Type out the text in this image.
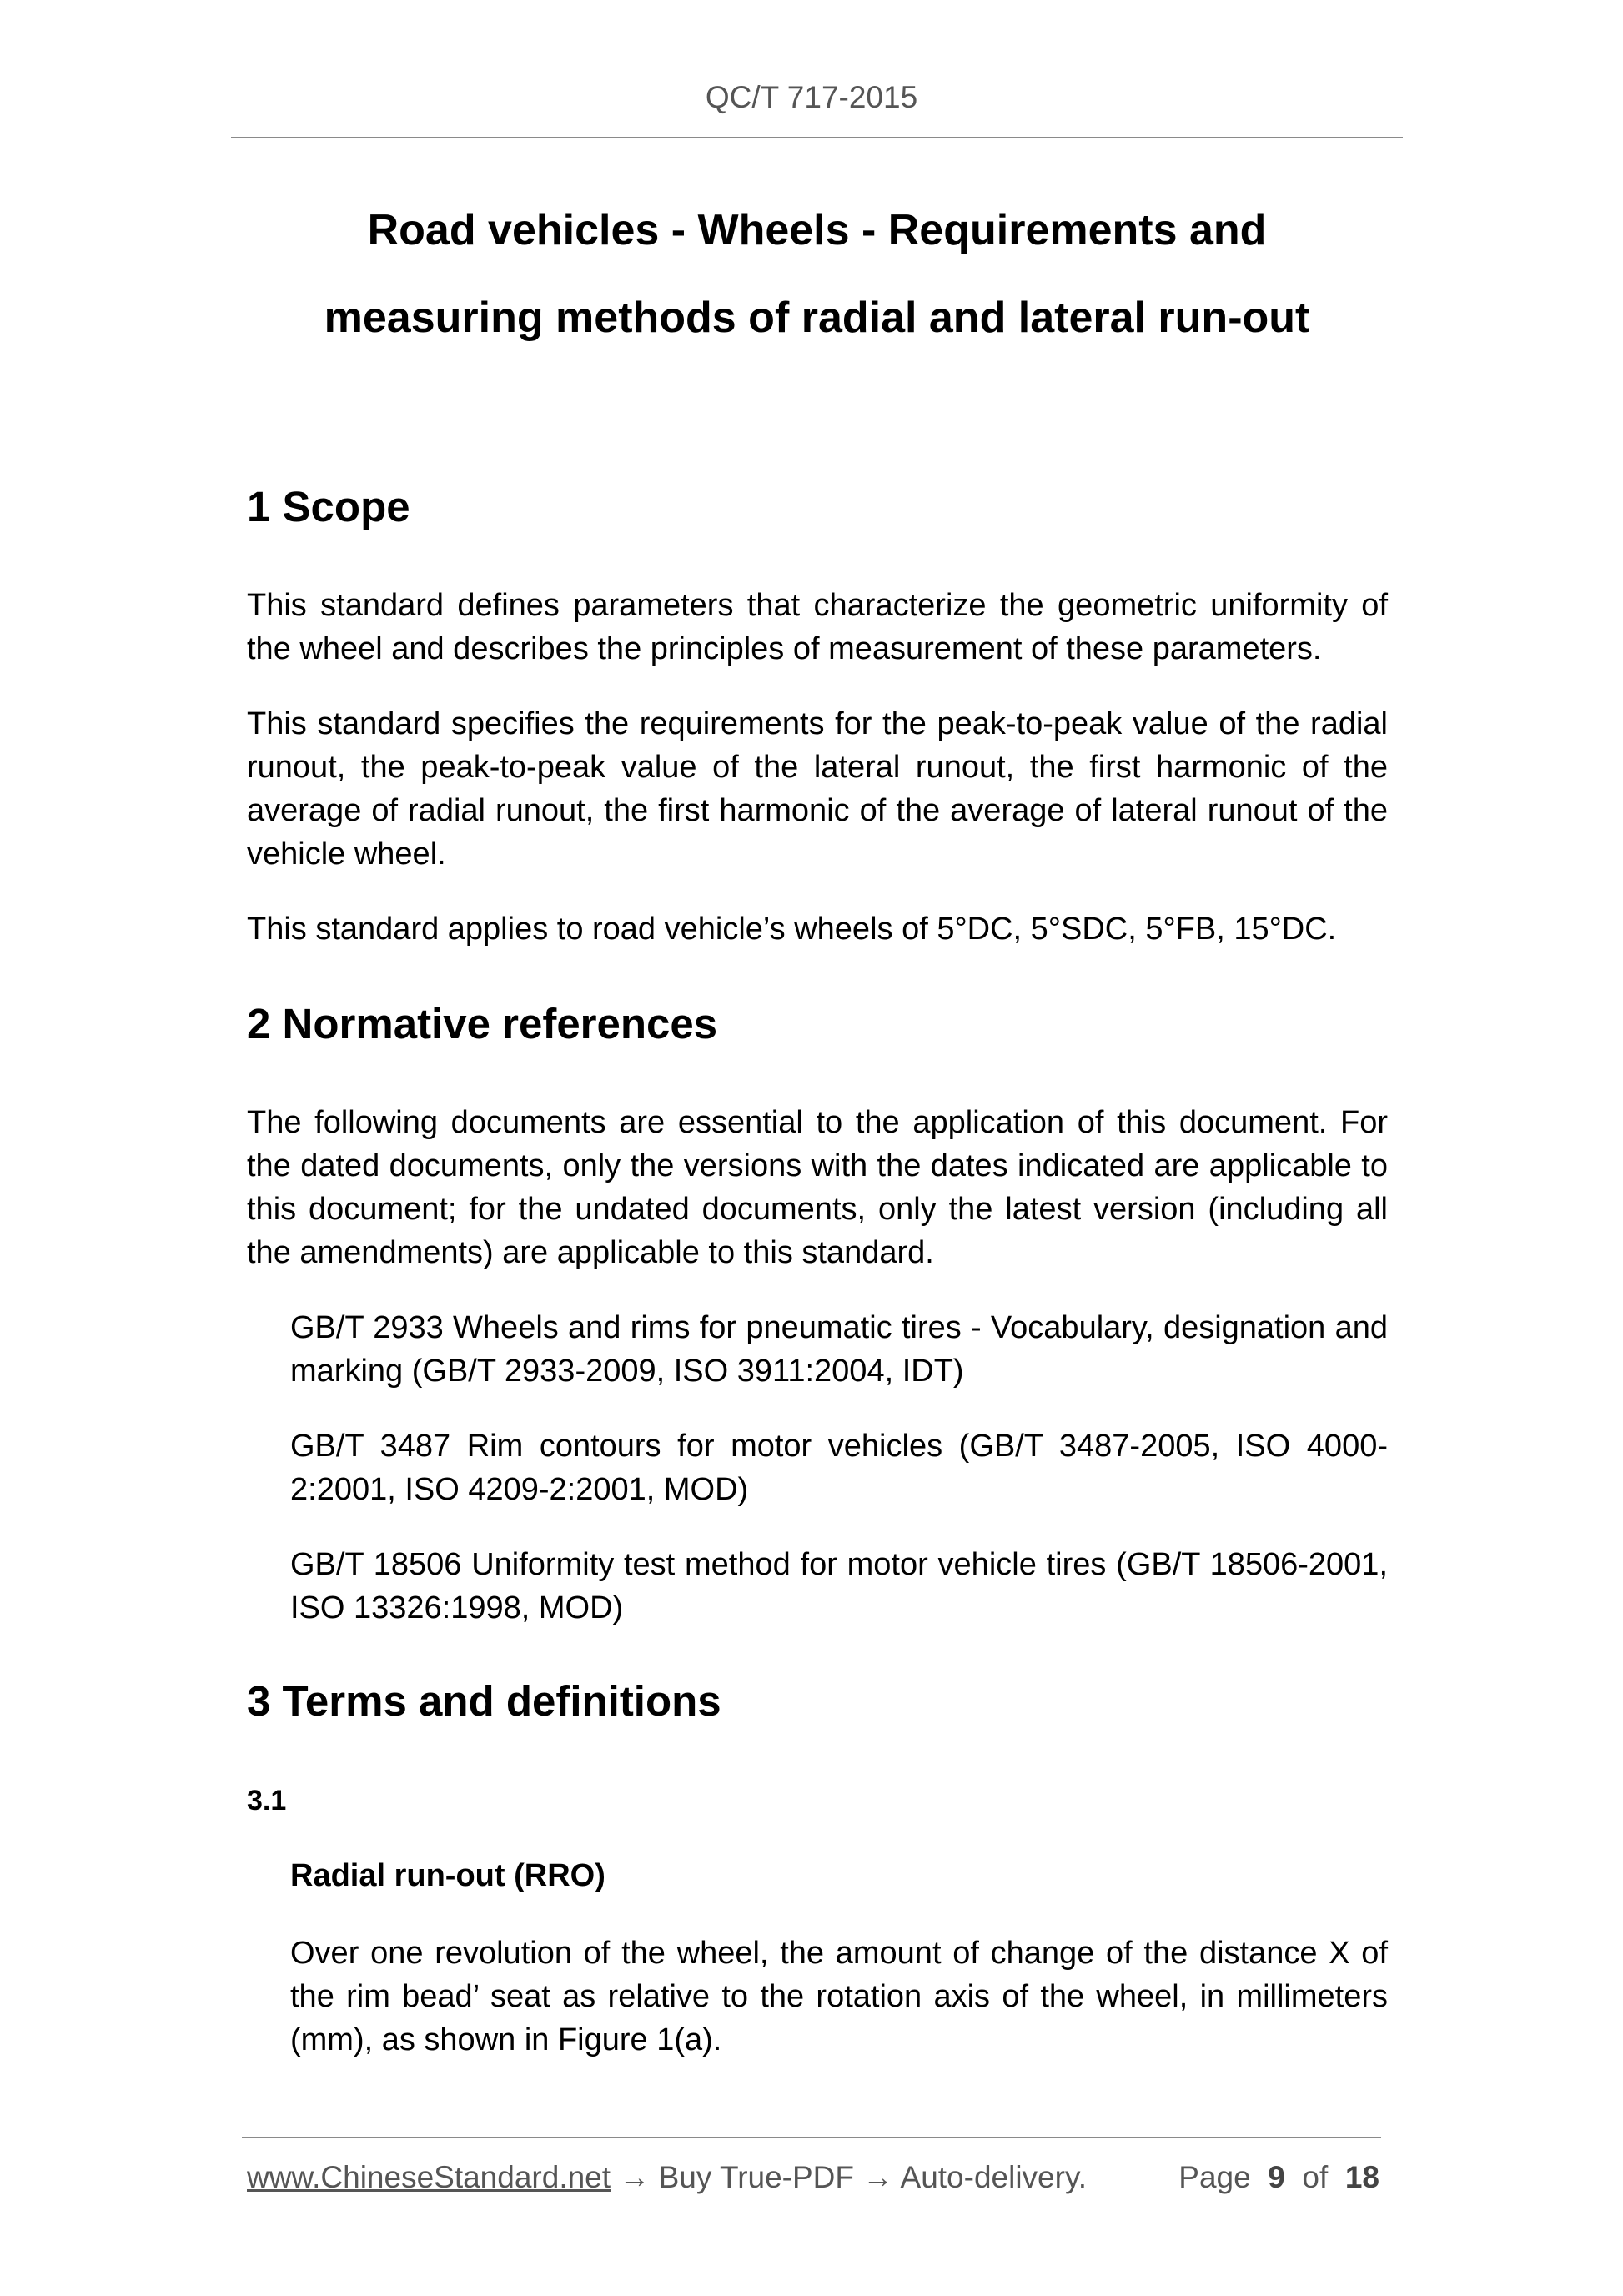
QC/T 717-2015
Road vehicles - Wheels - Requirements and
measuring methods of radial and lateral run-out
1 Scope

This standard defines parameters that characterize the geometric uniformity of the wheel and describes the principles of measurement of these parameters.

This standard specifies the requirements for the peak-to-peak value of the radial runout, the peak-to-peak value of the lateral runout, the first harmonic of the average of radial runout, the first harmonic of the average of lateral runout of the vehicle wheel.

This standard applies to road vehicle’s wheels of 5°DC, 5°SDC, 5°FB, 15°DC.

2 Normative references

The following documents are essential to the application of this document. For the dated documents, only the versions with the dates indicated are applicable to this document; for the undated documents, only the latest version (including all the amendments) are applicable to this standard.

GB/T 2933 Wheels and rims for pneumatic tires - Vocabulary, designation and marking (GB/T 2933-2009, ISO 3911:2004, IDT)

GB/T 3487 Rim contours for motor vehicles (GB/T 3487-2005, ISO 4000-2:2001, ISO 4209-2:2001, MOD)

GB/T 18506 Uniformity test method for motor vehicle tires (GB/T 18506-2001, ISO 13326:1998, MOD)

3 Terms and definitions
3.1
Radial run-out (RRO)

Over one revolution of the wheel, the amount of change of the distance X of the rim bead’ seat as relative to the rotation axis of the wheel, in millimeters (mm), as shown in Figure 1(a).

www.ChineseStandard.net → Buy True-PDF → Auto-delivery.	Page 9 of 18
